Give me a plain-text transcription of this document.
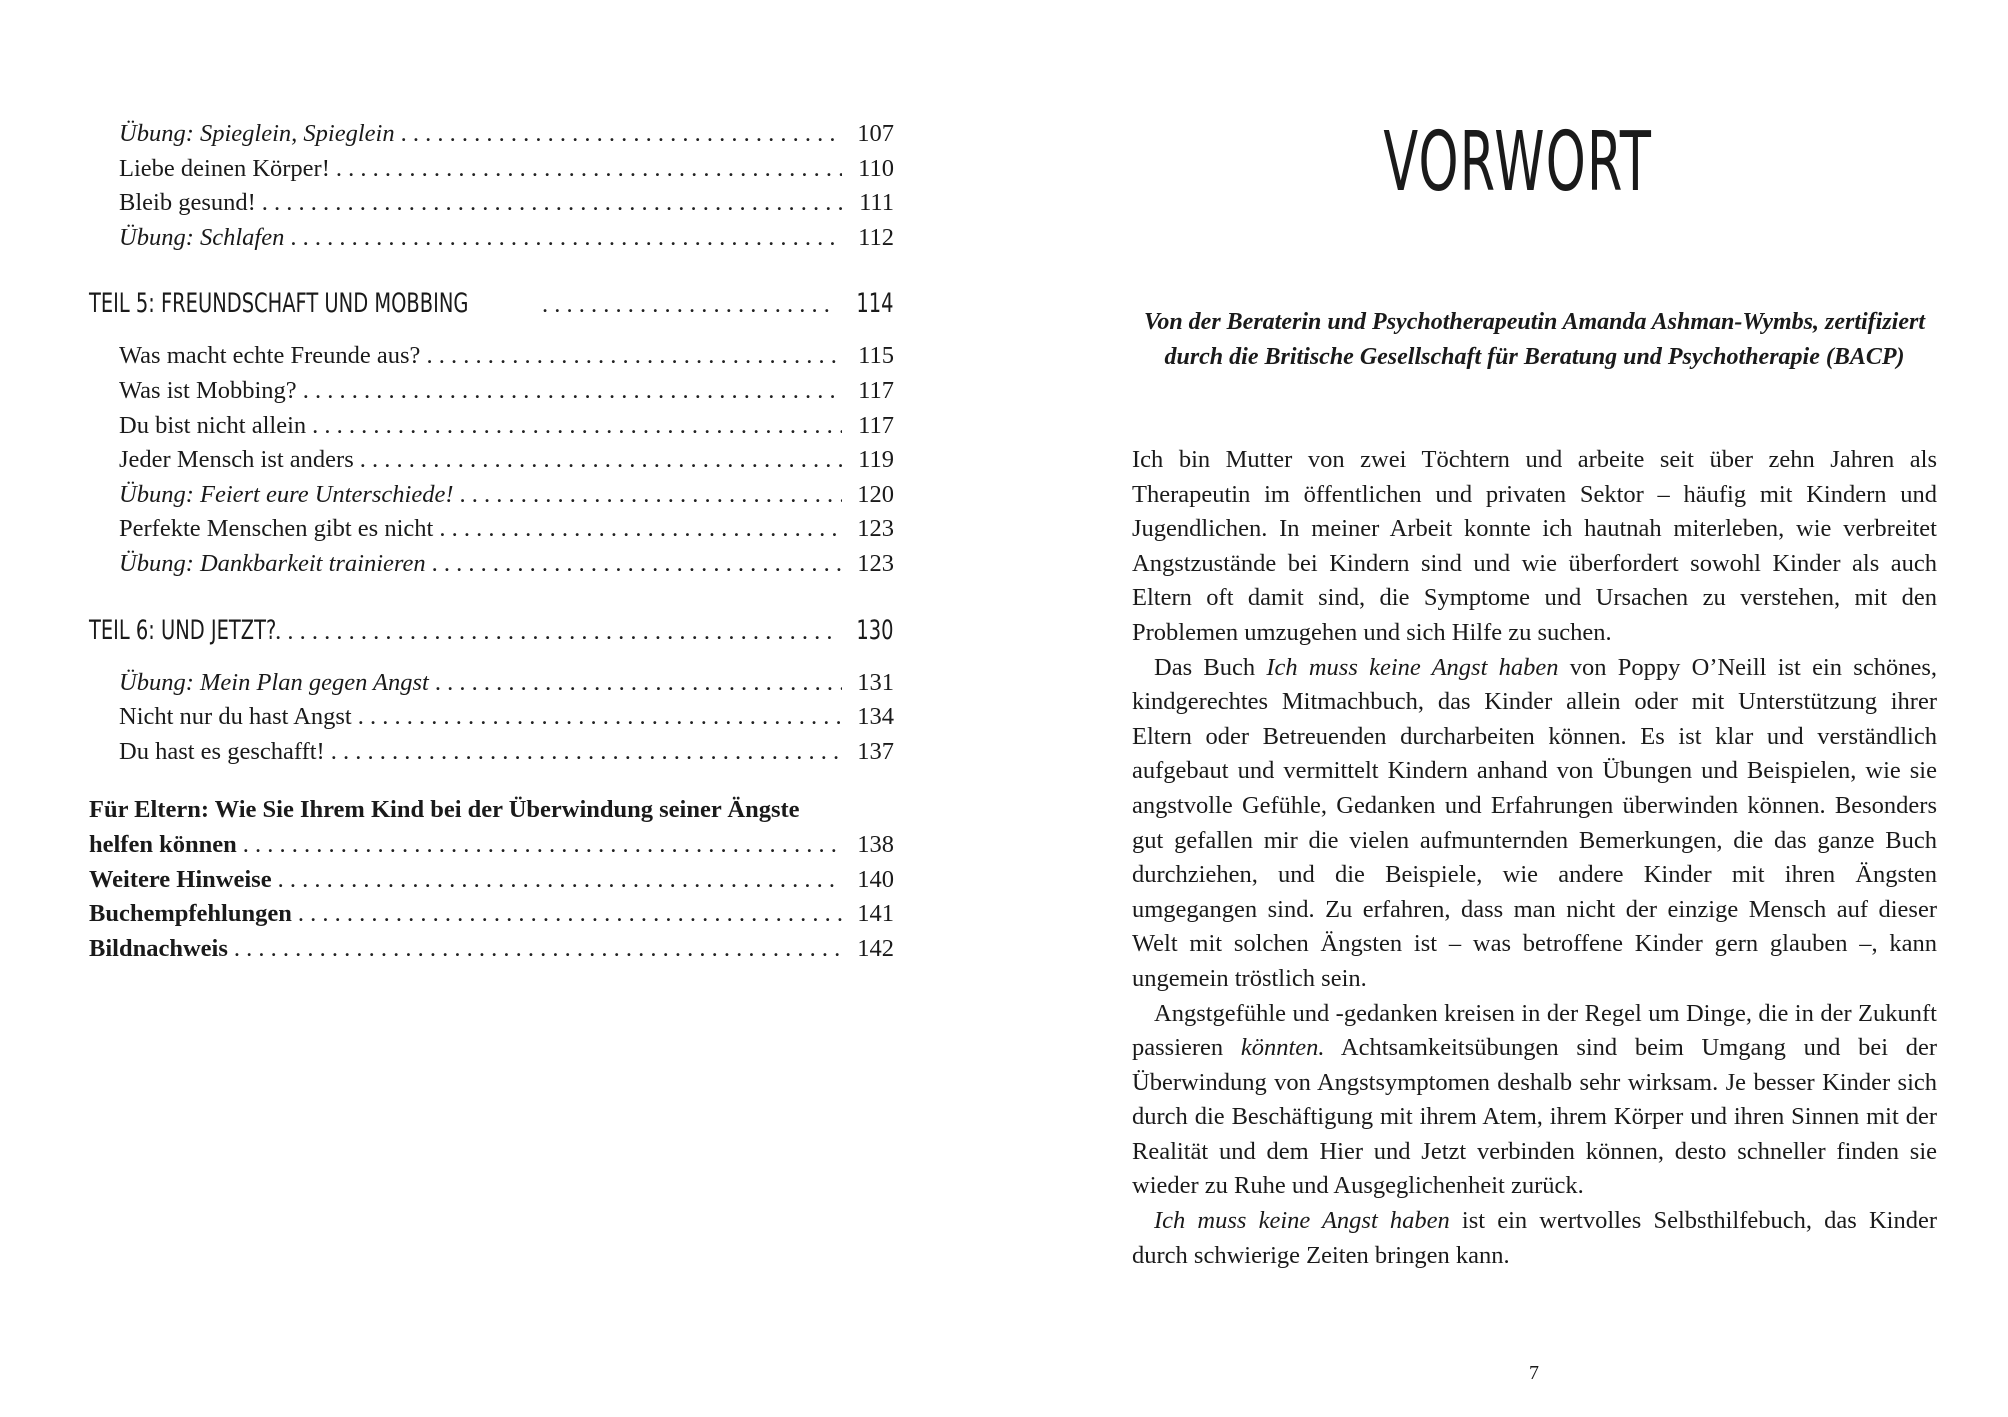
Übung: Spieglein, Spieglein . . .	107
Liebe deinen Körper! . . .	110
Bleib gesund! . . .	111
Übung: Schlafen . . .	112
TEIL 5: FREUNDSCHAFT UND MOBBING . . .	114
Was macht echte Freunde aus? . . .	115
Was ist Mobbing? . . .	117
Du bist nicht allein . . .	117
Jeder Mensch ist anders . . .	119
Übung: Feiert eure Unterschiede! . . .	120
Perfekte Menschen gibt es nicht . . .	123
Übung: Dankbarkeit trainieren . . .	123
TEIL 6: UND JETZT? . . .	130
Übung: Mein Plan gegen Angst . . .	131
Nicht nur du hast Angst . . .	134
Du hast es geschafft! . . .	137
Für Eltern: Wie Sie Ihrem Kind bei der Überwindung seiner Ängste
helfen können . . .	138
Weitere Hinweise . . .	140
Buchempfehlungen . . .	141
Bildnachweis . . .	142
VORWORT
Von der Beraterin und Psychotherapeutin Amanda Ashman-Wymbs, zertifiziert durch die Britische Gesellschaft für Beratung und Psychotherapie (BACP)

Ich bin Mutter von zwei Töchtern und arbeite seit über zehn Jahren als Therapeutin im öffentlichen und privaten Sektor – häufig mit Kindern und Jugendlichen. In meiner Arbeit konnte ich hautnah miterleben, wie verbreitet Angstzustände bei Kindern sind und wie überfordert sowohl Kinder als auch Eltern oft damit sind, die Symptome und Ursachen zu verstehen, mit den Problemen umzugehen und sich Hilfe zu suchen.

Das Buch Ich muss keine Angst haben von Poppy O’Neill ist ein schönes, kindgerechtes Mitmachbuch, das Kinder allein oder mit Unterstützung ihrer Eltern oder Betreuenden durcharbeiten können. Es ist klar und verständlich aufgebaut und vermittelt Kindern anhand von Übungen und Beispielen, wie sie angstvolle Gefühle, Gedanken und Erfahrungen überwinden können. Besonders gut gefallen mir die vielen aufmunternden Bemerkungen, die das ganze Buch durchziehen, und die Beispiele, wie andere Kinder mit ihren Ängsten umgegangen sind. Zu erfahren, dass man nicht der einzige Mensch auf dieser Welt mit solchen Ängsten ist – was betroffene Kinder gern glauben –, kann ungemein tröstlich sein.

Angstgefühle und -gedanken kreisen in der Regel um Dinge, die in der Zukunft passieren könnten. Achtsamkeitsübungen sind beim Umgang und bei der Überwindung von Angstsymptomen deshalb sehr wirksam. Je besser Kinder sich durch die Beschäftigung mit ihrem Atem, ihrem Körper und ihren Sinnen mit der Realität und dem Hier und Jetzt verbinden können, desto schneller finden sie wieder zu Ruhe und Ausgeglichenheit zurück.

Ich muss keine Angst haben ist ein wertvolles Selbsthilfebuch, das Kinder durch schwierige Zeiten bringen kann.

7
